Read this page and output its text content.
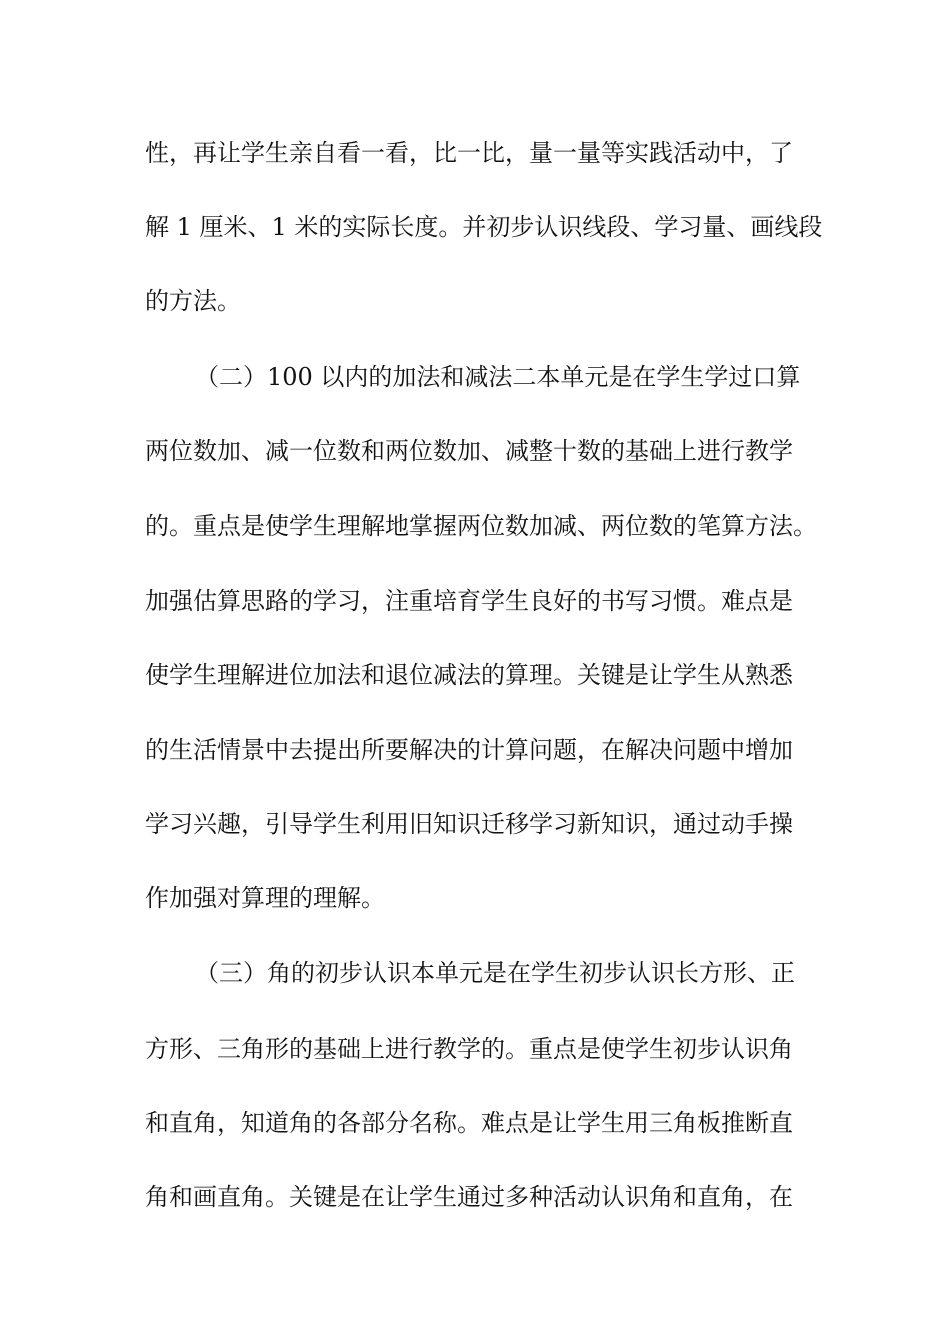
性，再让学生亲自看一看，比一比，量一量等实践活动中，了

解 1 厘米、1 米的实际长度。并初步认识线段、学习量、画线段

的方法。

（二）100 以内的加法和减法二本单元是在学生学过口算

两位数加、减一位数和两位数加、减整十数的基础上进行教学

的。重点是使学生理解地掌握两位数加减、两位数的笔算方法。

加强估算思路的学习，注重培育学生良好的书写习惯。难点是

使学生理解进位加法和退位减法的算理。关键是让学生从熟悉

的生活情景中去提出所要解决的计算问题，在解决问题中增加

学习兴趣，引导学生利用旧知识迁移学习新知识，通过动手操

作加强对算理的理解。

（三）角的初步认识本单元是在学生初步认识长方形、正

方形、三角形的基础上进行教学的。重点是使学生初步认识角

和直角，知道角的各部分名称。难点是让学生用三角板推断直

角和画直角。关键是在让学生通过多种活动认识角和直角，在
